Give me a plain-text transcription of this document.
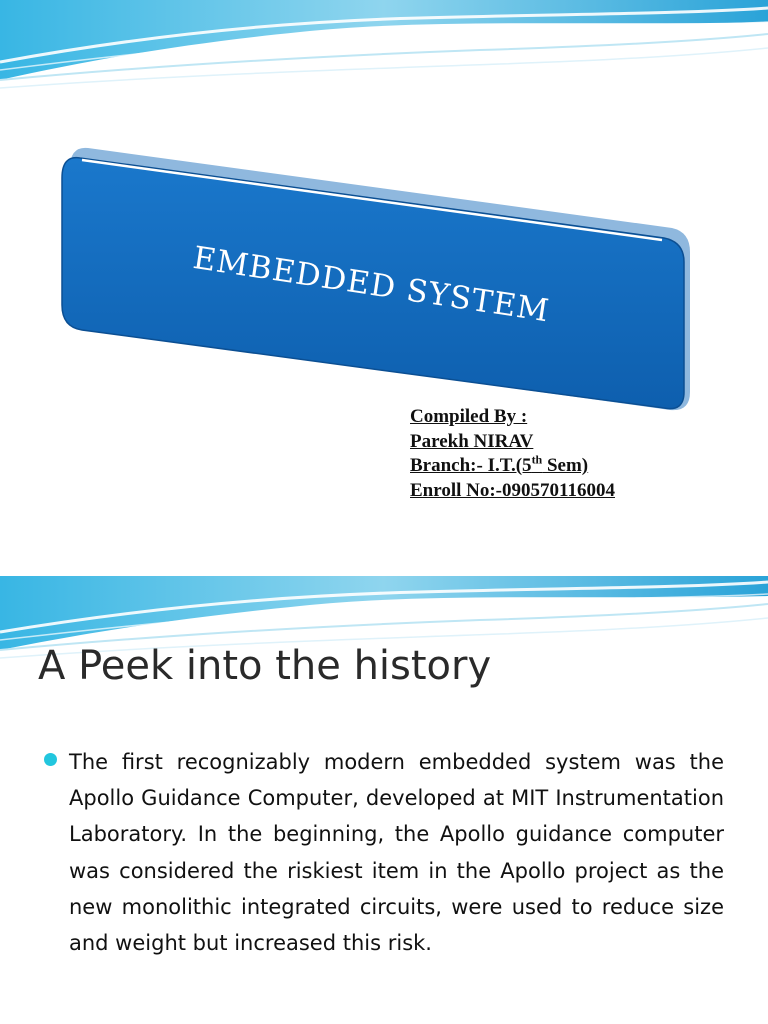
EMBEDDED SYSTEM
Compiled By :
Parekh NIRAV
Branch:- I.T.(5th Sem)
Enroll No:-090570116004
A Peek into the history
The first recognizably modern embedded system was the Apollo Guidance Computer, developed at MIT Instrumentation Laboratory. In the beginning, the Apollo guidance computer was considered the riskiest item in the Apollo project as the new monolithic integrated circuits, were used to reduce size and weight but increased this risk.
